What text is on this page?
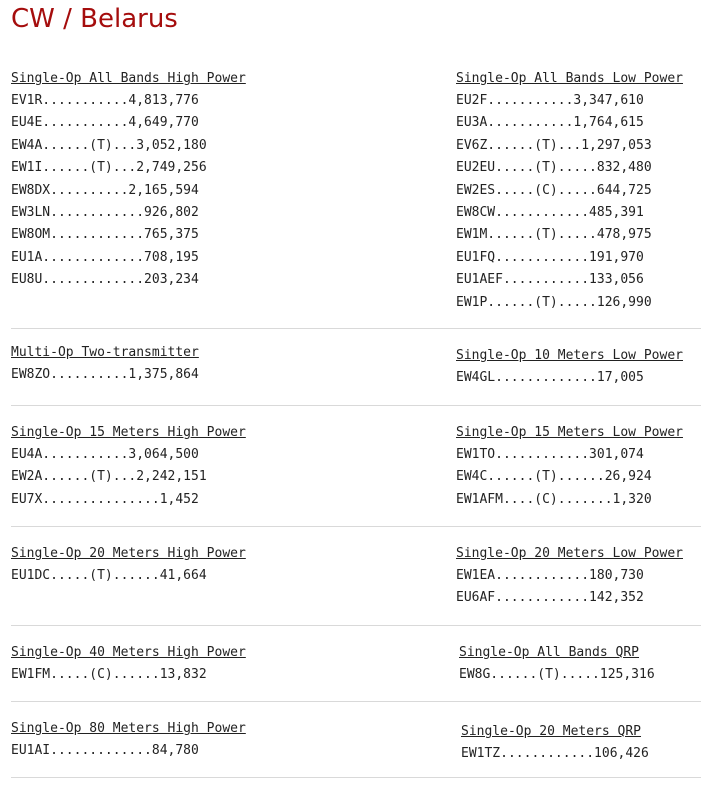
CW / Belarus
Single-Op All Bands High Power
EV1R...........4,813,776
EU4E...........4,649,770
EW4A......(T)...3,052,180
EW1I......(T)...2,749,256
EW8DX..........2,165,594
EW3LN............926,802
EW8OM............765,375
EU1A.............708,195
EU8U.............203,234
Single-Op All Bands Low Power
EU2F...........3,347,610
EU3A...........1,764,615
EV6Z......(T)...1,297,053
EU2EU.....(T).....832,480
EW2ES.....(C).....644,725
EW8CW............485,391
EW1M......(T).....478,975
EU1FQ............191,970
EU1AEF...........133,056
EW1P......(T).....126,990
Multi-Op Two-transmitter
EW8ZO..........1,375,864
Single-Op 10 Meters Low Power
EW4GL.............17,005
Single-Op 15 Meters High Power
EU4A...........3,064,500
EW2A......(T)...2,242,151
EU7X...............1,452
Single-Op 15 Meters Low Power
EW1TO............301,074
EW4C......(T)......26,924
EW1AFM....(C).......1,320
Single-Op 20 Meters High Power
EU1DC.....(T)......41,664
Single-Op 20 Meters Low Power
EW1EA............180,730
EU6AF............142,352
Single-Op 40 Meters High Power
EW1FM.....(C)......13,832
Single-Op All Bands QRP
EW8G......(T).....125,316
Single-Op 80 Meters High Power
EU1AI.............84,780
Single-Op 20 Meters QRP
EW1TZ............106,426
